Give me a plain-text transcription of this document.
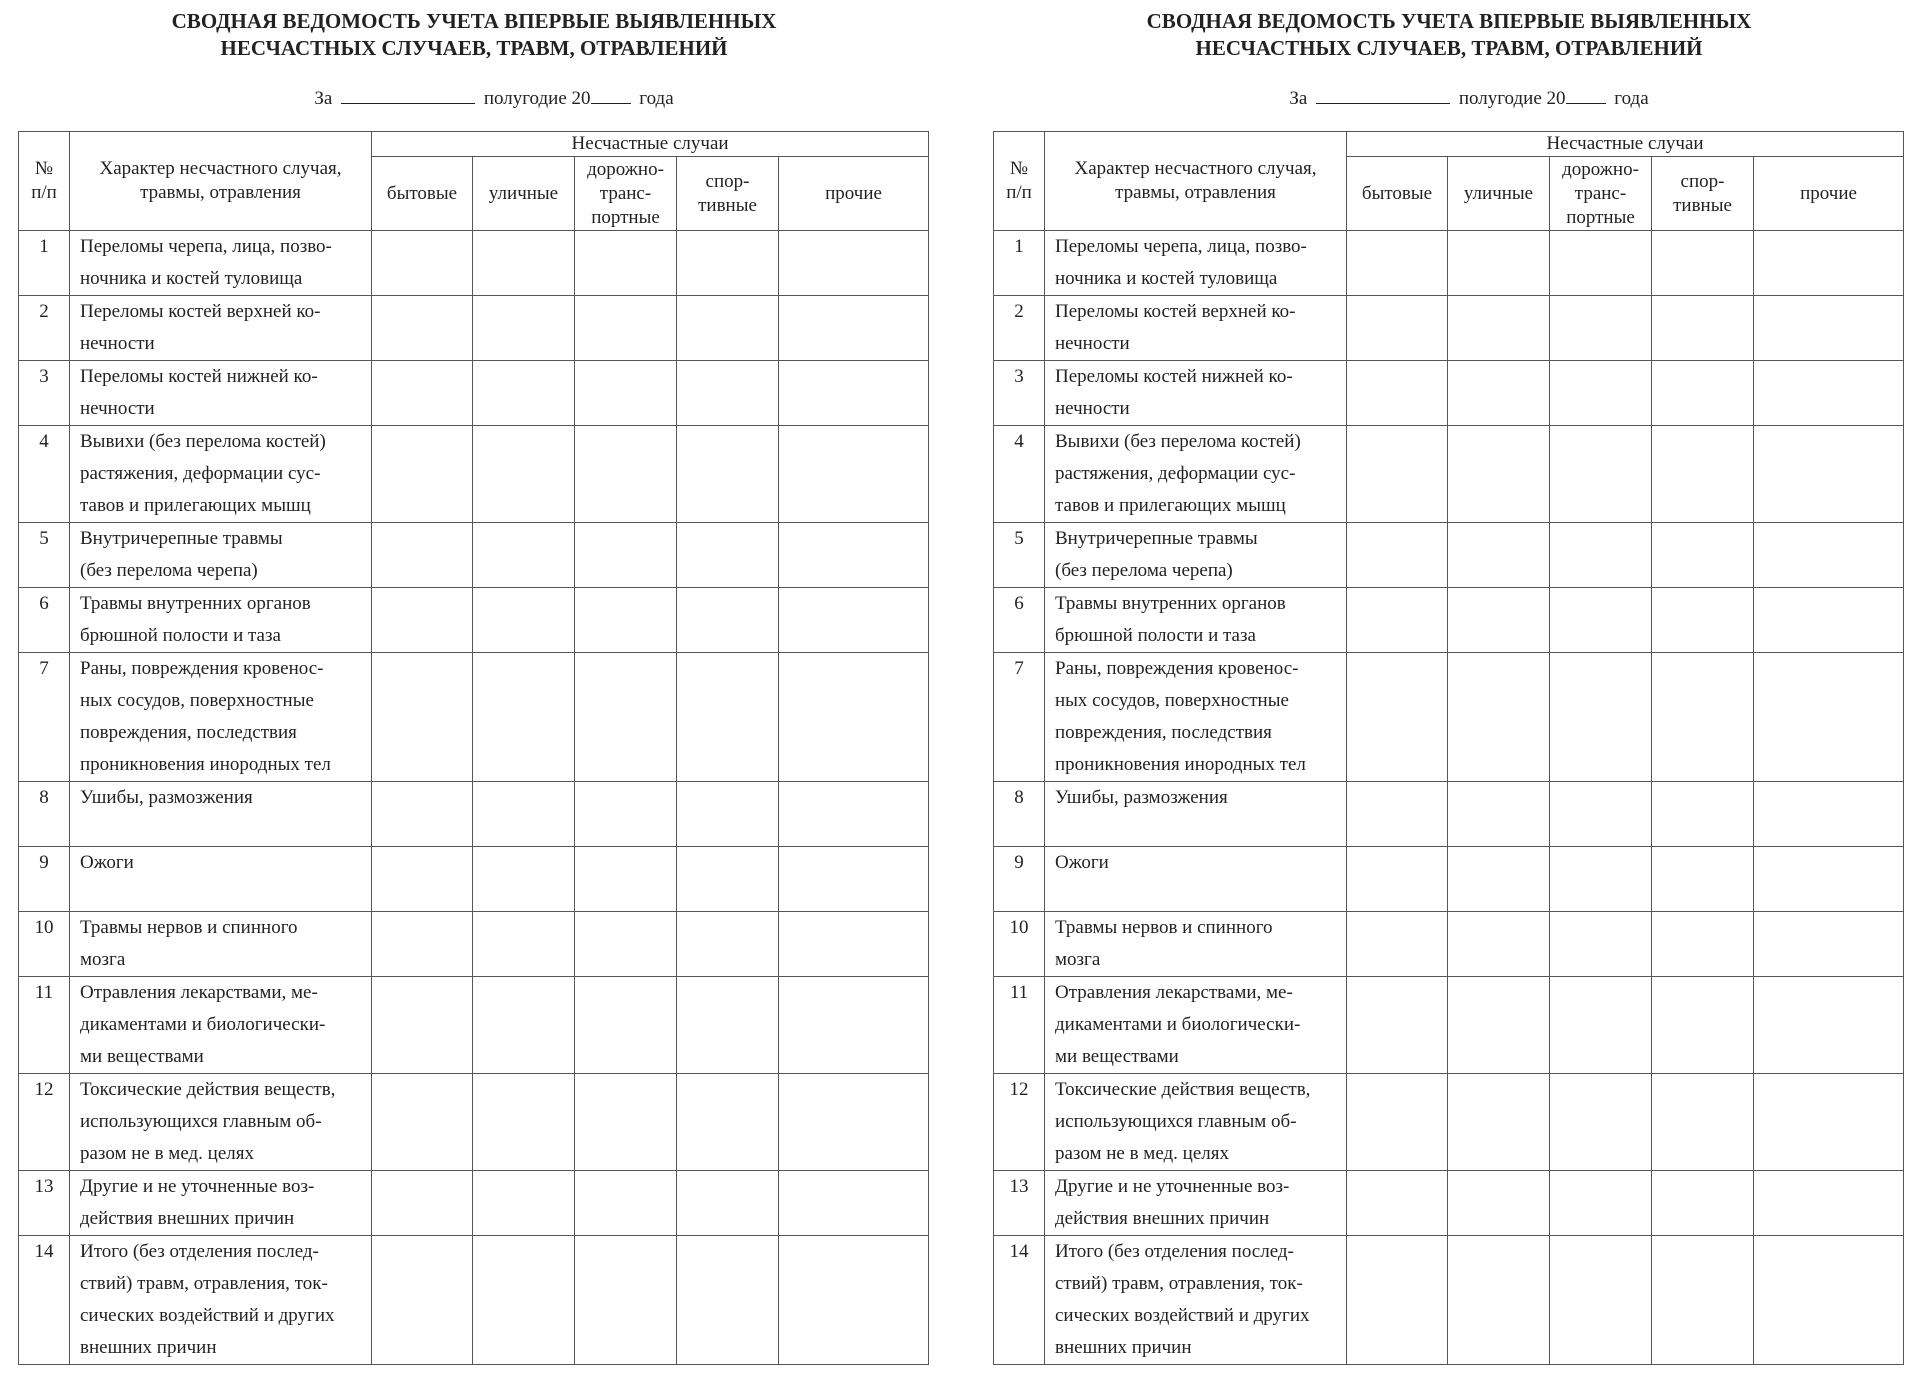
СВОДНАЯ ВЕДОМОСТЬ УЧЕТА ВПЕРВЫЕ ВЫЯВЛЕННЫХ
НЕСЧАСТНЫХ СЛУЧАЕВ, ТРАВМ, ОТРАВЛЕНИЙ
За	полугодие 20	года
№
п/п	Характер несчастного случая,
травмы, отравления	Несчастные случаи				
		бытовые	уличные	дорожно-
транс-
портные	спор-
тивные	прочие
1	Переломы черепа, лица, позво-
ночника и костей туловища					

2	Переломы костей верхней ко-
нечности					

3	Переломы костей нижней ко-
нечности					

4	Вывихи (без перелома костей)
растяжения, деформации сус-
тавов и прилегающих мышц					

5	Внутричерепные травмы
(без перелома черепа)					

6	Травмы внутренних органов
брюшной полости и таза					

7	Раны, повреждения кровенос-
ных сосудов, поверхностные
повреждения, последствия
проникновения инородных тел					

8	Ушибы, размозжения					

9	Ожоги					

10	Травмы нервов и спинного
мозга					

11	Отравления лекарствами, ме-
дикаментами и биологически-
ми веществами					

12	Токсические действия веществ,
использующихся главным об-
разом не в мед. целях					

13	Другие и не уточненные воз-
действия внешних причин					

14	Итого (без отделения послед-
ствий) травм, отравления, ток-
сических воздействий и других
внешних причин					

СВОДНАЯ ВЕДОМОСТЬ УЧЕТА ВПЕРВЫЕ ВЫЯВЛЕННЫХ
НЕСЧАСТНЫХ СЛУЧАЕВ, ТРАВМ, ОТРАВЛЕНИЙ
За	полугодие 20	года
№
п/п	Характер несчастного случая,
травмы, отравления	Несчастные случаи				
		бытовые	уличные	дорожно-
транс-
портные	спор-
тивные	прочие
1	Переломы черепа, лица, позво-
ночника и костей туловища					

2	Переломы костей верхней ко-
нечности					

3	Переломы костей нижней ко-
нечности					

4	Вывихи (без перелома костей)
растяжения, деформации сус-
тавов и прилегающих мышц					

5	Внутричерепные травмы
(без перелома черепа)					

6	Травмы внутренних органов
брюшной полости и таза					

7	Раны, повреждения кровенос-
ных сосудов, поверхностные
повреждения, последствия
проникновения инородных тел					

8	Ушибы, размозжения					

9	Ожоги					

10	Травмы нервов и спинного
мозга					

11	Отравления лекарствами, ме-
дикаментами и биологически-
ми веществами					

12	Токсические действия веществ,
использующихся главным об-
разом не в мед. целях					

13	Другие и не уточненные воз-
действия внешних причин					

14	Итого (без отделения послед-
ствий) травм, отравления, ток-
сических воздействий и других
внешних причин					
